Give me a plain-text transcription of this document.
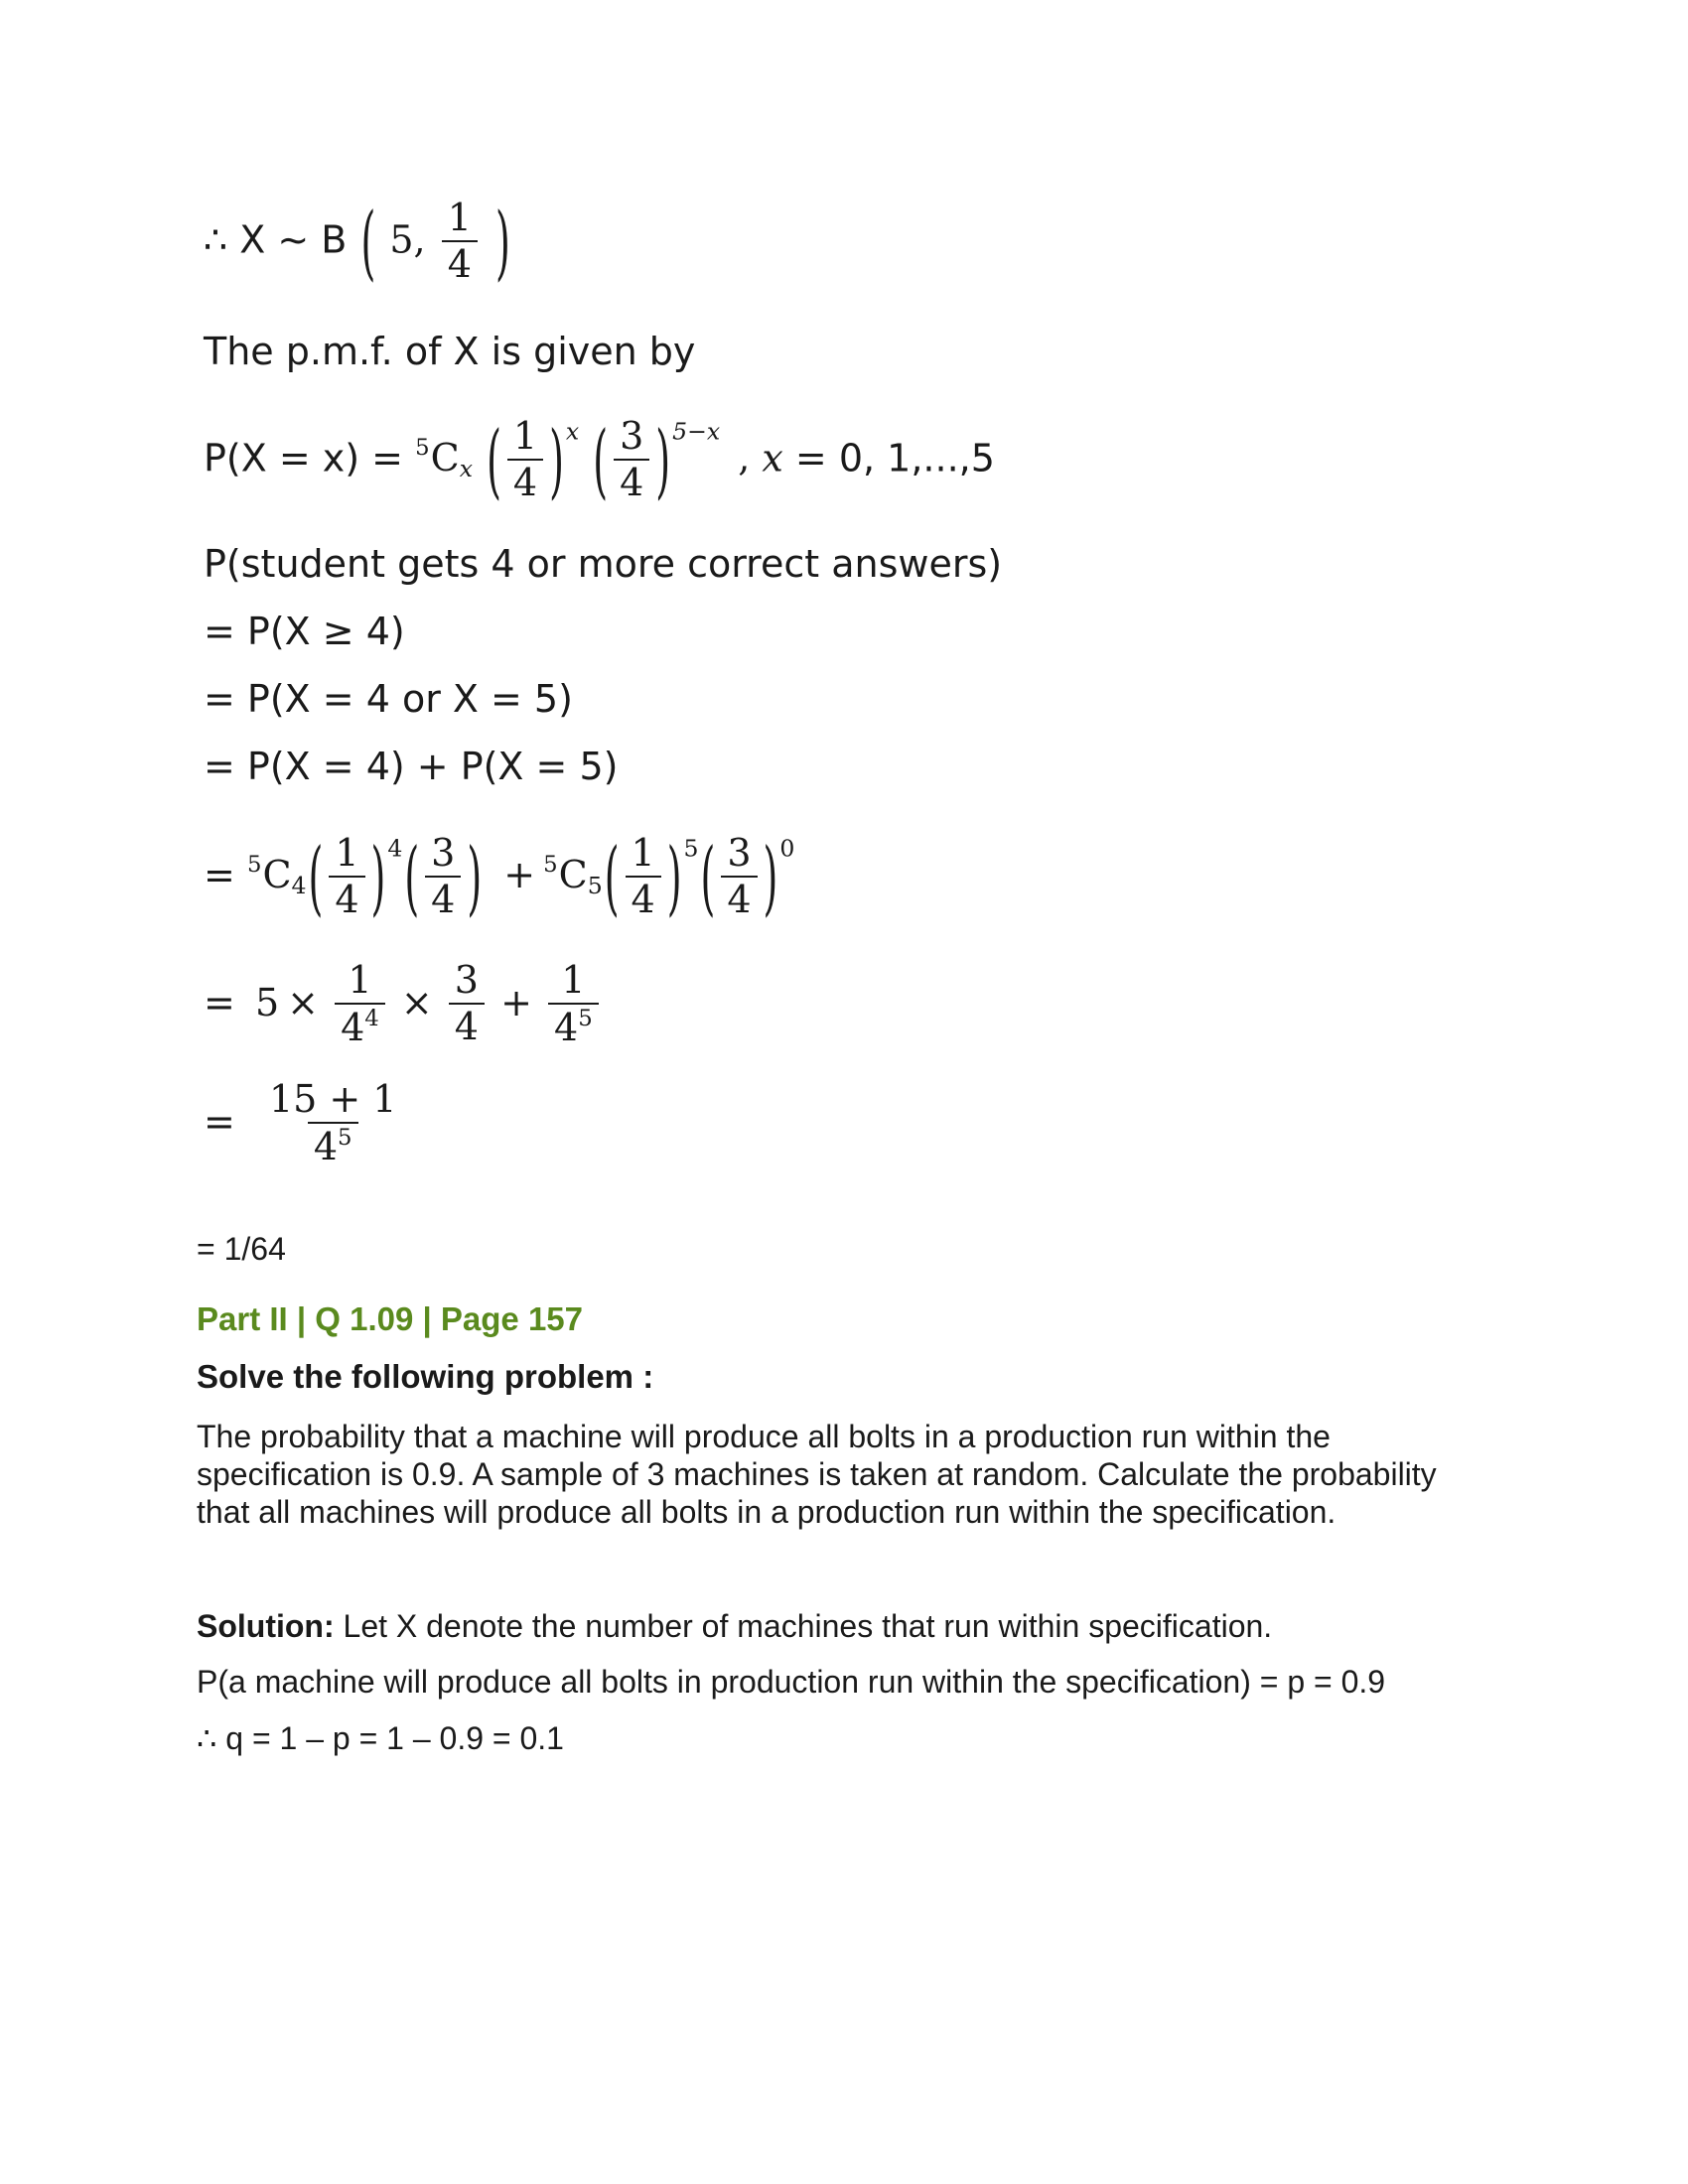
∴ X ~ B ( 5, $\frac{1}{4}$ )
The p.m.f. of X is given by
$P(X = x) = ^5C_x$ ( $\frac{1}{4} )^x$ ( $\frac{3}{4} )^{5-x}$ , x = 0, 1,...,5
P(student gets 4 or more correct answers)
= P(X ≥ 4)
= P(X = 4 or X = 5)
= P(X = 4) + P(X = 5)
= $^5C_4( \frac{1}{4} )^4( \frac{3}{4}$ ) + $^5C_5( \frac{1}{4} )^5( \frac{3}{4} )^0$
= $5 \times \frac{1}{4^4} \times \frac{3}{4} + \frac{1}{4^5}$
= $\frac{15 + 1}{4^5}$
= 1/64
Part II | Q 1.09 | Page 157
Solve the following problem :
The probability that a machine will produce all bolts in a production run within the specification is 0.9. A sample of 3 machines is taken at random. Calculate the probability that all machines will produce all bolts in a production run within the specification.
Solution: Let X denote the number of machines that run within specification.
P(a machine will produce all bolts in production run within the specification) = p = 0.9
∴ q = 1 – p = 1 – 0.9 = 0.1
